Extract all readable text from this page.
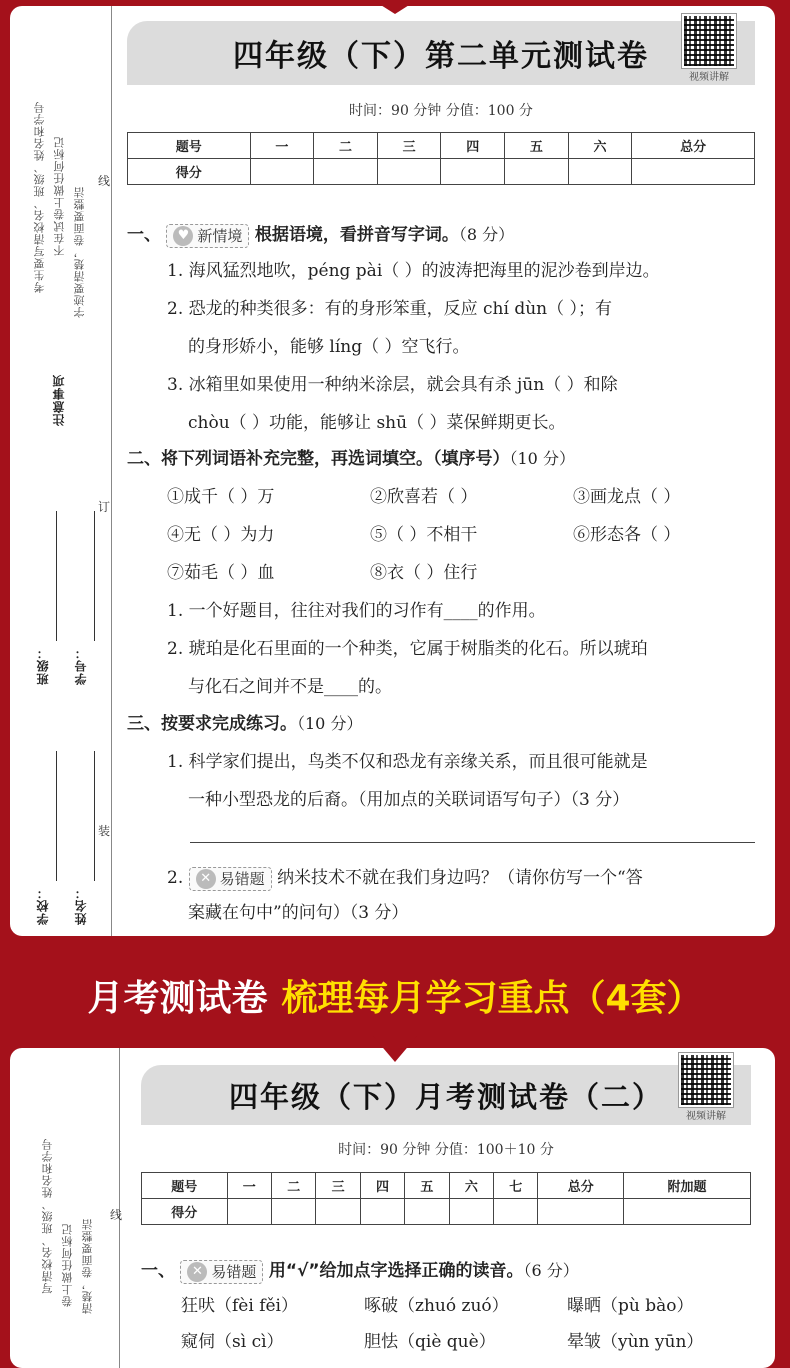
考生要写清校名、班级、姓名和学号 不在试卷上做任何标记 字迹要清楚，卷面要整洁
注意事项
班级： 学号：
学校： 姓名：
线
订
装
四年级（下）第二单元测试卷
视频讲解
时间：90 分钟 分值：100 分
题号	一	二	三	四	五	六	总分
得分							
一、	♥ 新情境 根据语境，看拼音写字词。（8 分）
1. 海风猛烈地吹，péng pài（ ）的波涛把海里的泥沙卷到岸边。
2. 恐龙的种类很多：有的身形笨重，反应 chí dùn（ ）；有
的身形娇小，能够 líng（ ）空飞行。
3. 冰箱里如果使用一种纳米涂层，就会具有杀 jūn（ ）和除
chòu（ ）功能，能够让 shū（ ）菜保鲜期更长。
二、将下列词语补充完整，再选词填空。（填序号）（10 分）
①成千（ ）万	②欣喜若（ ）	③画龙点（ ）
④无（ ）为力	⑤（ ）不相干	⑥形态各（ ）
⑦茹毛（ ）血	⑧衣（ ）住行
1. 一个好题目，往往对我们的习作有____的作用。
2. 琥珀是化石里面的一个种类，它属于树脂类的化石。所以琥珀
与化石之间并不是____的。
三、按要求完成练习。（10 分）
1. 科学家们提出，鸟类不仅和恐龙有亲缘关系，而且很可能就是
一种小型恐龙的后裔。（用加点的关联词语写句子）（3 分）
2.	✕ 易错题 纳米技术不就在我们身边吗？（请你仿写一个“答
案藏在句中”的问句）（3 分）
月考测试卷 梳理每月学习重点（4套）
写清校名、班级、姓名和学号 卷上做任何标记 清楚，卷面要整洁
线
四年级（下）月考测试卷（二）
视频讲解
时间：90 分钟 分值：100＋10 分
题号	一	二	三	四	五	六	七	总分	附加题
得分									
一、	✕ 易错题 用“√”给加点字选择正确的读音。（6 分）
狂吠（fèi fěi）	啄破（zhuó zuó）	曝晒（pù bào）
窥伺（sì cì）	胆怯（qiè què）	晕皱（yùn yūn）
